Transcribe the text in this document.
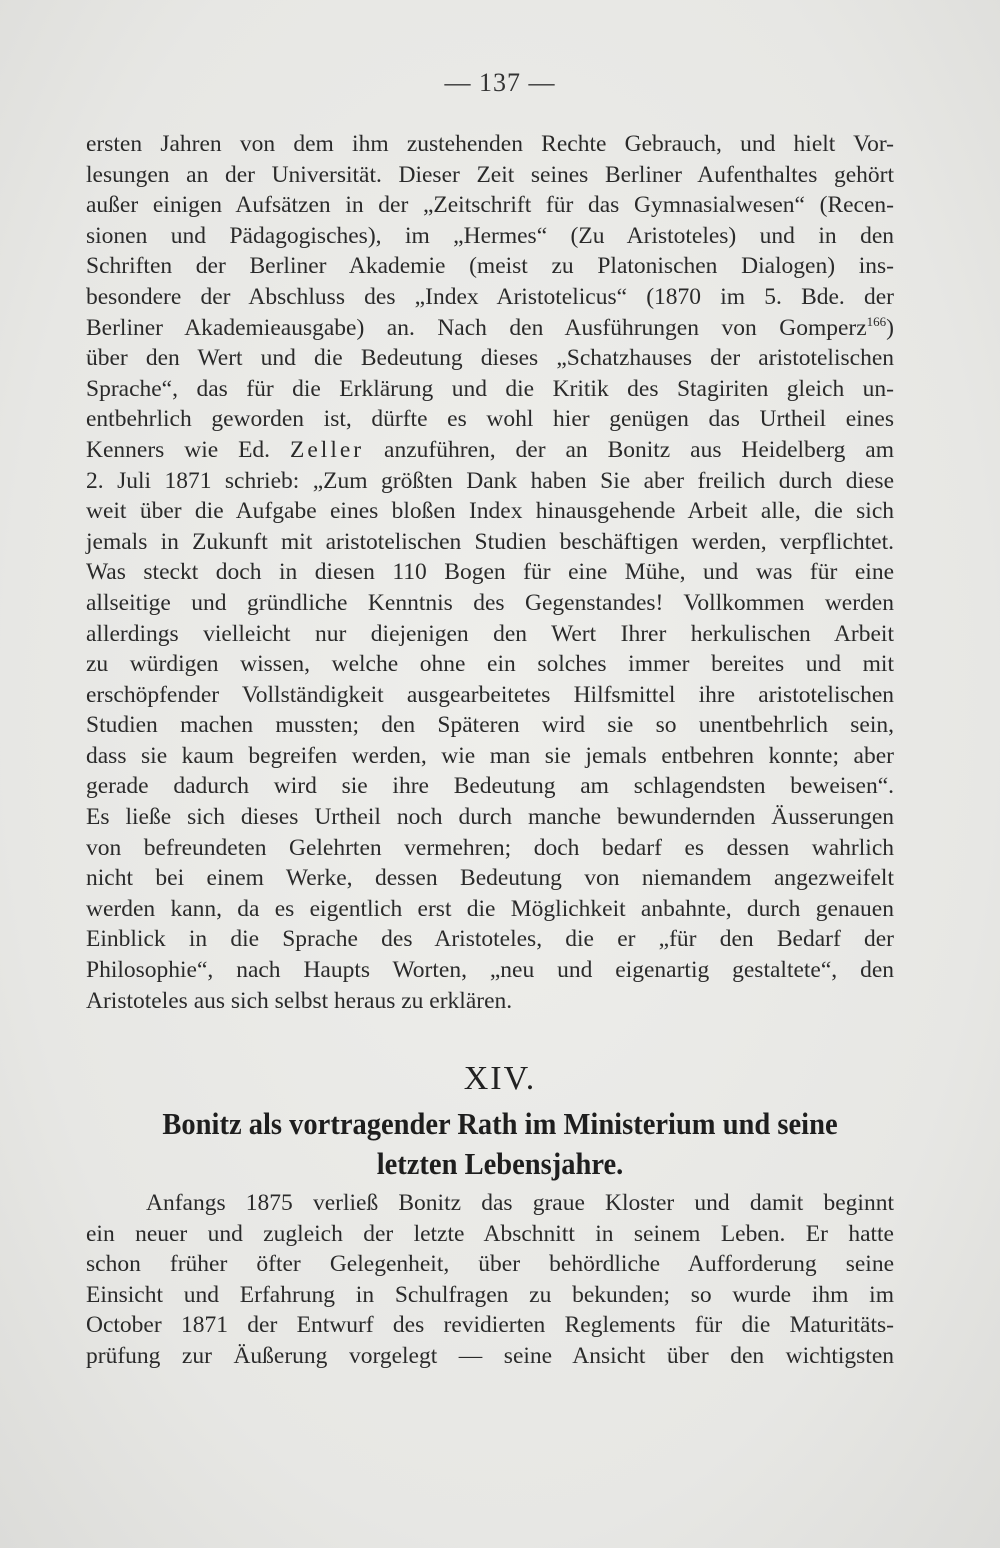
— 137 —
ersten Jahren von dem ihm zustehenden Rechte Gebrauch, und hielt Vor-
lesungen an der Universität. Dieser Zeit seines Berliner Aufenthaltes gehört
außer einigen Aufsätzen in der „Zeitschrift für das Gymnasialwesen“ (Recen-
sionen und Pädagogisches), im „Hermes“ (Zu Aristoteles) und in den
Schriften der Berliner Akademie (meist zu Platonischen Dialogen) ins-
besondere der Abschluss des „Index Aristotelicus“ (1870 im 5. Bde. der
Berliner Akademieausgabe) an. Nach den Ausführungen von Gomperz$^{166}$)
über den Wert und die Bedeutung dieses „Schatzhauses der aristotelischen
Sprache“, das für die Erklärung und die Kritik des Stagiriten gleich un-
entbehrlich geworden ist, dürfte es wohl hier genügen das Urtheil eines
Kenners wie Ed. Zeller anzuführen, der an Bonitz aus Heidelberg am
2. Juli 1871 schrieb: „Zum größten Dank haben Sie aber freilich durch diese
weit über die Aufgabe eines bloßen Index hinausgehende Arbeit alle, die sich
jemals in Zukunft mit aristotelischen Studien beschäftigen werden, verpflichtet.
Was steckt doch in diesen 110 Bogen für eine Mühe, und was für eine
allseitige und gründliche Kenntnis des Gegenstandes! Vollkommen werden
allerdings vielleicht nur diejenigen den Wert Ihrer herkulischen Arbeit
zu würdigen wissen, welche ohne ein solches immer bereites und mit
erschöpfender Vollständigkeit ausgearbeitetes Hilfsmittel ihre aristotelischen
Studien machen mussten; den Späteren wird sie so unentbehrlich sein,
dass sie kaum begreifen werden, wie man sie jemals entbehren konnte; aber
gerade dadurch wird sie ihre Bedeutung am schlagendsten beweisen“.
Es ließe sich dieses Urtheil noch durch manche bewundernden Äusserungen
von befreundeten Gelehrten vermehren; doch bedarf es dessen wahrlich
nicht bei einem Werke, dessen Bedeutung von niemandem angezweifelt
werden kann, da es eigentlich erst die Möglichkeit anbahnte, durch genauen
Einblick in die Sprache des Aristoteles, die er „für den Bedarf der
Philosophie“, nach Haupts Worten, „neu und eigenartig gestaltete“, den
Aristoteles aus sich selbst heraus zu erklären.
XIV.
Bonitz als vortragender Rath im Ministerium und seine
letzten Lebensjahre.
Anfangs 1875 verließ Bonitz das graue Kloster und damit beginnt
ein neuer und zugleich der letzte Abschnitt in seinem Leben. Er hatte
schon früher öfter Gelegenheit, über behördliche Aufforderung seine
Einsicht und Erfahrung in Schulfragen zu bekunden; so wurde ihm im
October 1871 der Entwurf des revidierten Reglements für die Maturitäts-
prüfung zur Äußerung vorgelegt — seine Ansicht über den wichtigsten
